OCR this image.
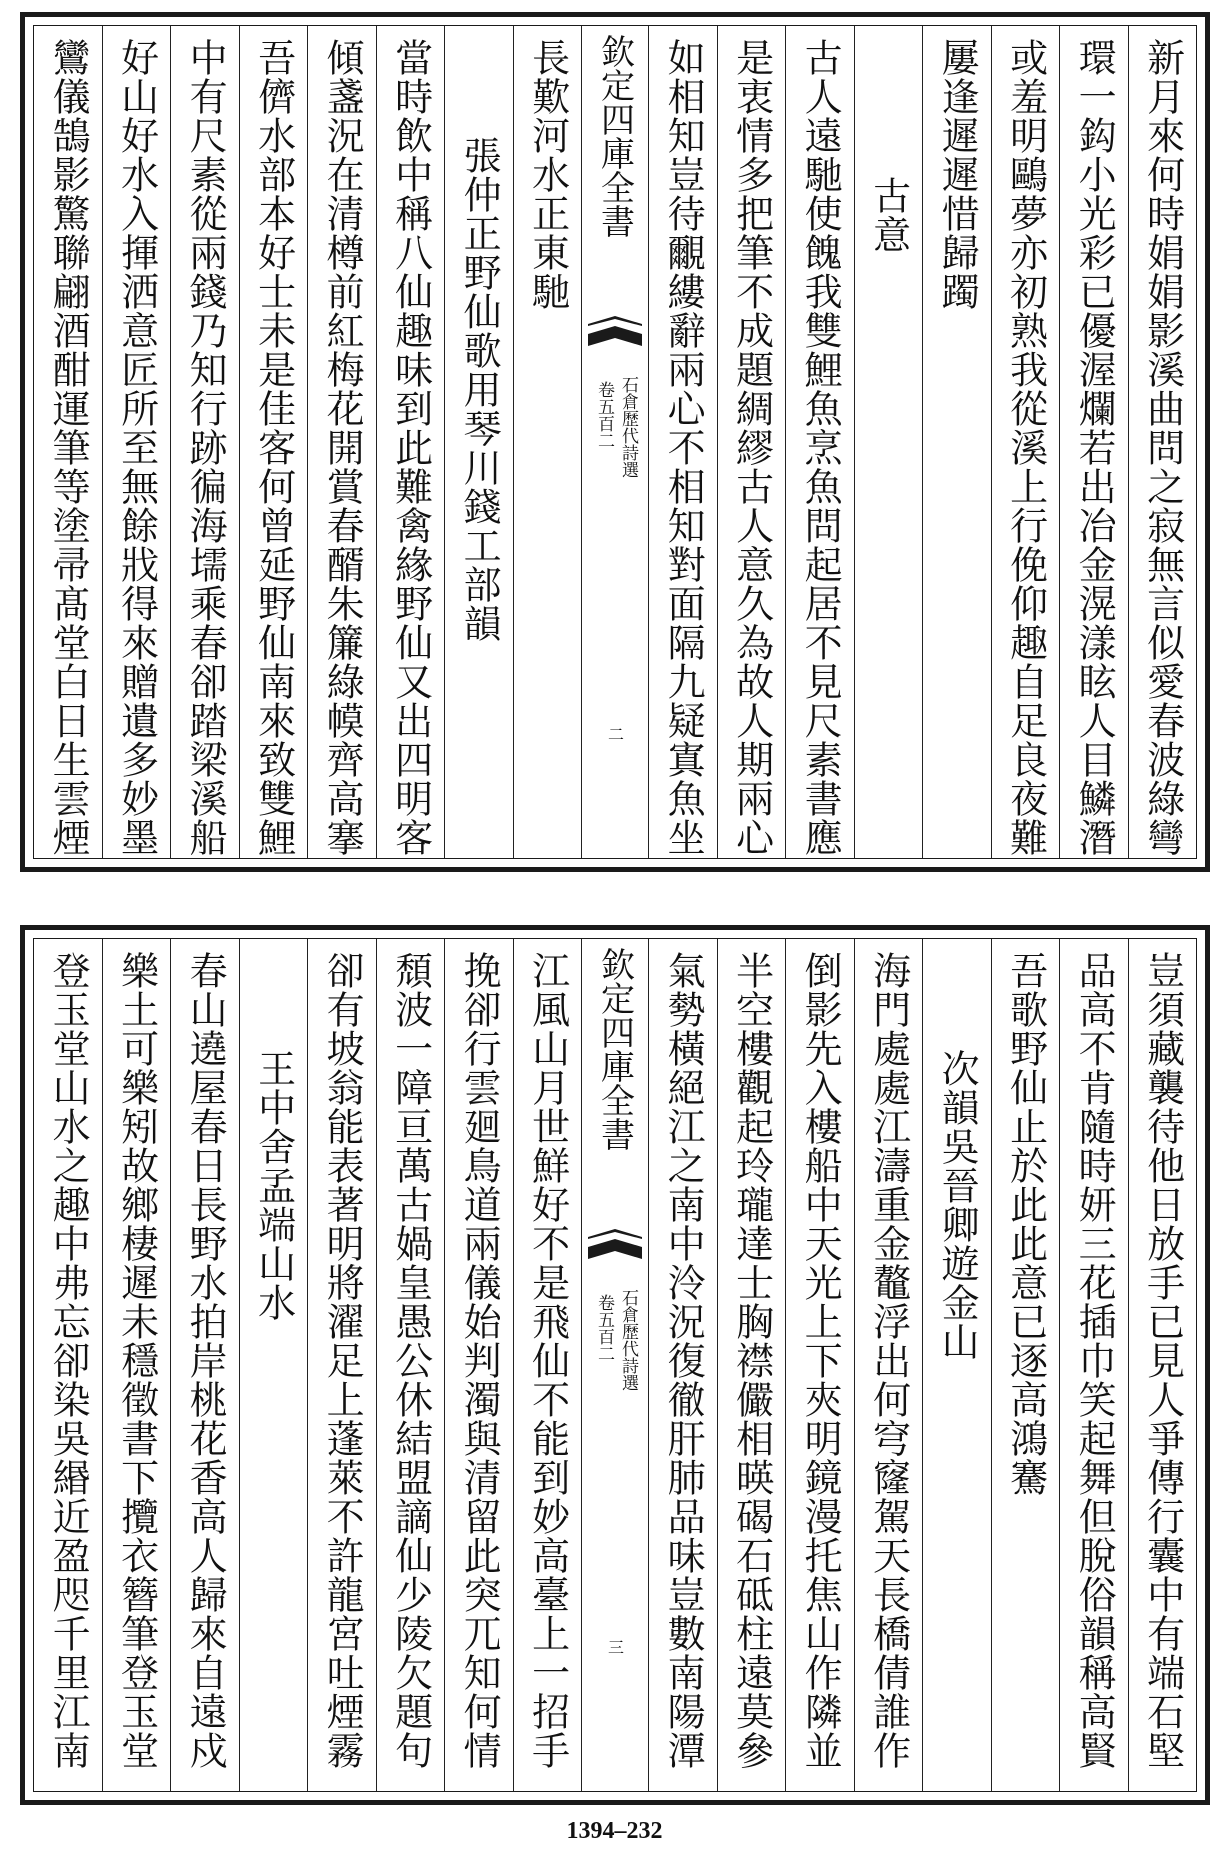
新月來何時娟娟影溪曲問之寂無言似愛春波綠彎
環一鈎小光彩已優渥爛若出冶金滉漾眩人目鱗潛
或羞明鷗夢亦初熟我從溪上行俛仰趣自足良夜難
屢逢遲遲惜歸躅
古意
古人遠馳使餽我雙鯉魚烹魚問起居不見尺素書應
是衷情多把筆不成題綢繆古人意久為故人期兩心
如相知豈待覼縷辭兩心不相知對面隔九疑寘魚坐
欽定四庫全書
石倉歷代詩選
卷五百二
二
長歎河水正東馳
張仲正野仙歌用琴川錢工部韻
當時飲中稱八仙趣味到此難禽緣野仙又出四明客
傾盞況在清樽前紅梅花開賞春醑朱簾綠幙齊高搴
吾儕水部本好士未是佳客何曾延野仙南來致雙鯉
中有尺素從兩錢乃知行跡徧海壖乘春卻踏梁溪船
好山好水入揮洒意匠所至無餘戕得來贈遺多妙墨
鸞儀鵠影驚聯翩酒酣運筆等塗帚髙堂白日生雲煙
豈須藏襲待他日放手已見人爭傳行囊中有端石堅
品高不肯隨時妍三花插巾笑起舞但脫俗韻稱高賢
吾歌野仙止於此此意已逐高鴻騫
次韻吳晉卿遊金山
海門處處江濤重金鼇浮出何穹窿駕天長橋倩誰作
倒影先入樓船中天光上下夾明鏡漫托焦山作隣並
半空樓觀起玲瓏達士胸襟儼相暎碣石砥柱遠莫參
氣勢橫絕江之南中泠況復徹肝肺品味豈數南陽潭
欽定四庫全書
石倉歷代詩選
卷五百二
三
江風山月世鮮好不是飛仙不能到妙高臺上一招手
挽卻行雲廻鳥道兩儀始判濁與清留此突兀知何情
頹波一障亘萬古媧皇愚公休結盟謫仙少陵欠題句
卻有坡翁能表著明將濯足上蓬萊不許龍宮吐煙霧
王中舍孟端山水
春山遶屋春日長野水拍岸桃花香高人歸來自遠戍
樂土可樂矧故鄉棲遲未穩徵書下攬衣簪筆登玉堂
登玉堂山水之趣中弗忘卻染吳緡近盈咫千里江南
1394–232
